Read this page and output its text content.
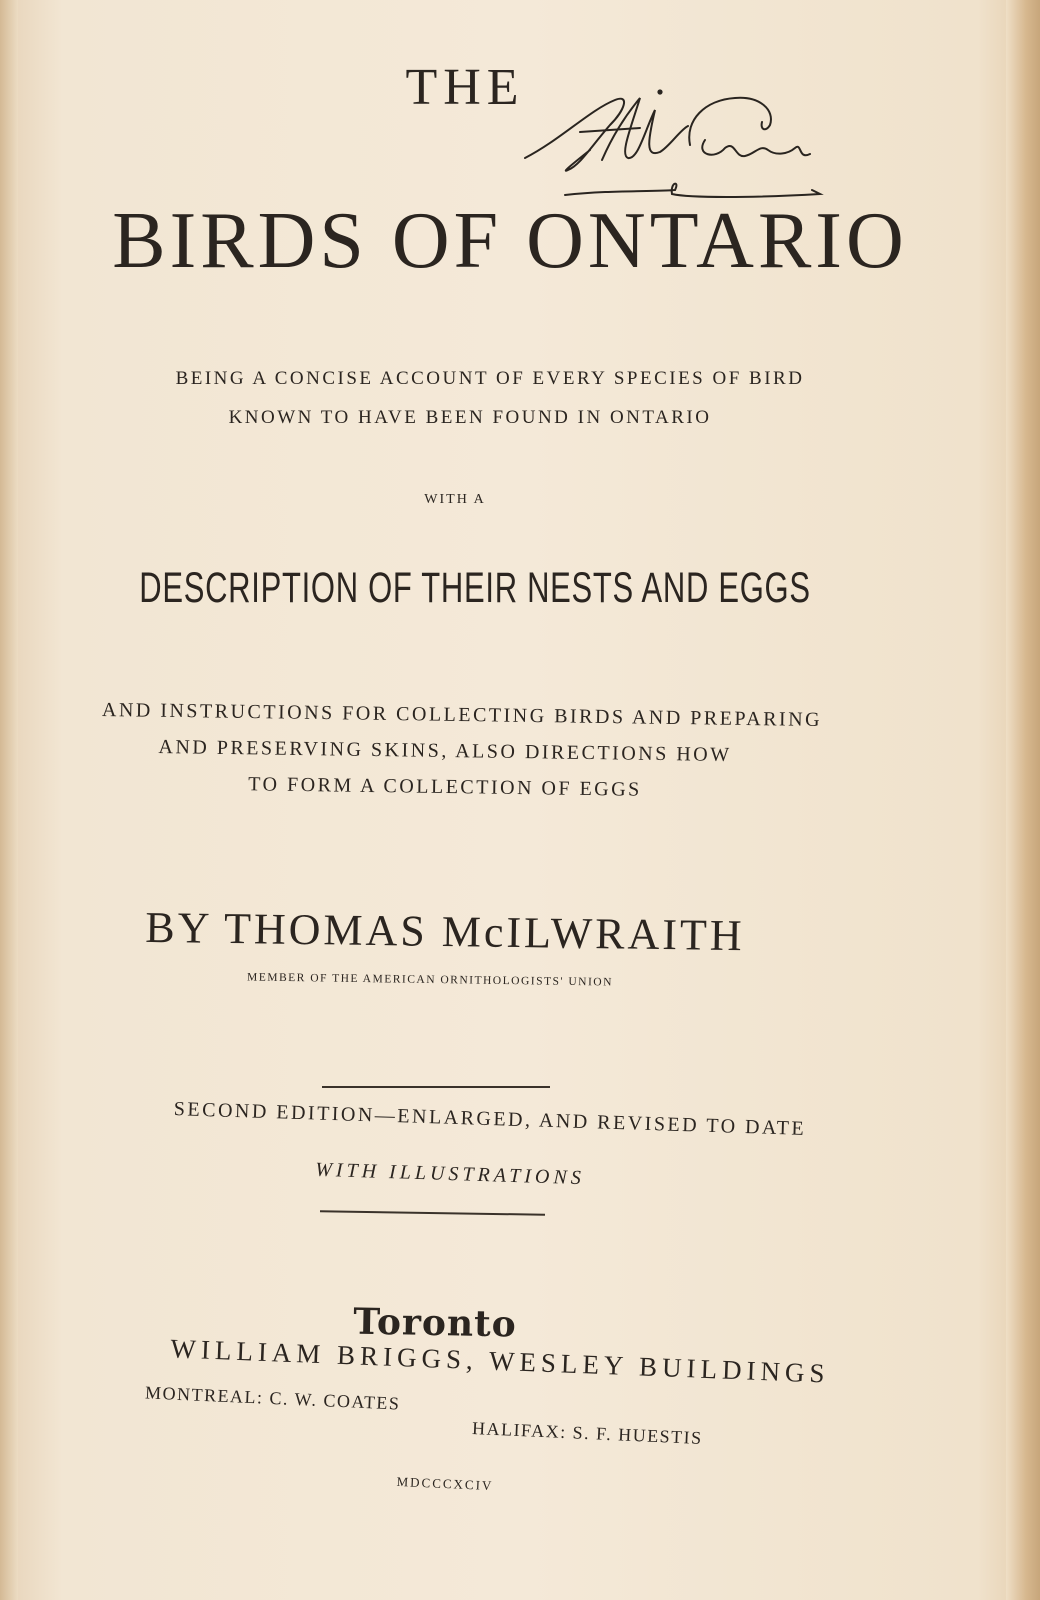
THE
BIRDS OF ONTARIO
BEING A CONCISE ACCOUNT OF EVERY SPECIES OF BIRD
KNOWN TO HAVE BEEN FOUND IN ONTARIO
WITH A
DESCRIPTION OF THEIR NESTS AND EGGS
AND INSTRUCTIONS FOR COLLECTING BIRDS AND PREPARING
AND PRESERVING SKINS, ALSO DIRECTIONS HOW
TO FORM A COLLECTION OF EGGS
BY THOMAS McILWRAITH
MEMBER OF THE AMERICAN ORNITHOLOGISTS' UNION
SECOND EDITION—ENLARGED, AND REVISED TO DATE
WITH ILLUSTRATIONS
Toronto
WILLIAM BRIGGS, WESLEY BUILDINGS
MONTREAL: C. W. COATES
HALIFAX: S. F. HUESTIS
MDCCCXCIV
